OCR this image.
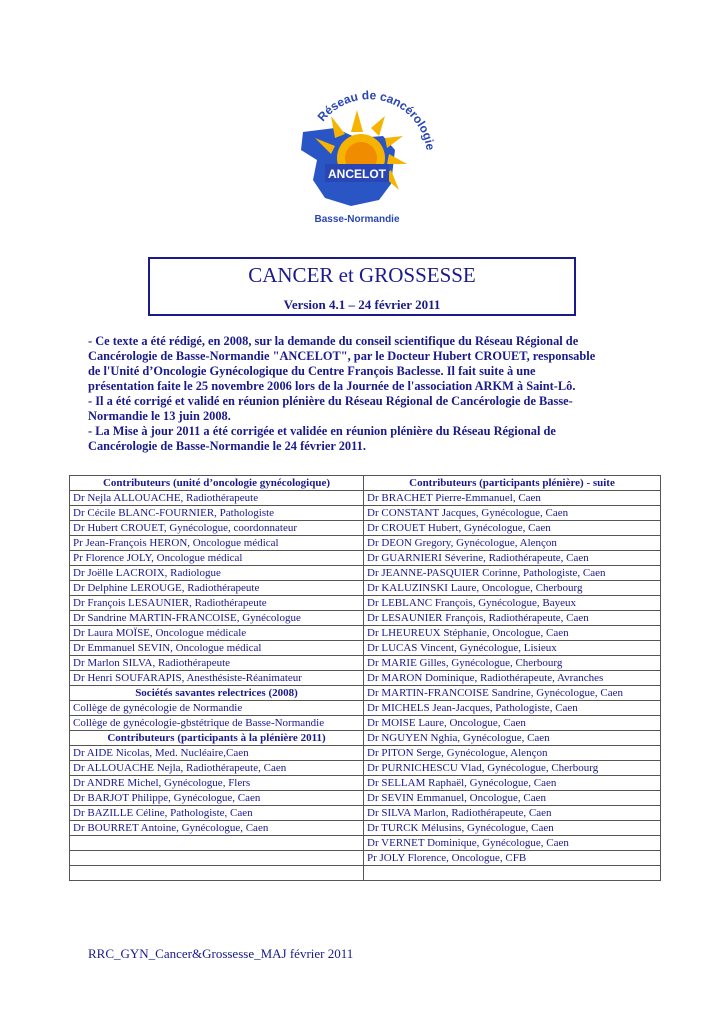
Réseau de cancérologie
ANCELOT
Basse-Normandie
CANCER et GROSSESSE
Version 4.1 – 24 février 2011

- Ce texte a été rédigé, en 2008, sur la demande du conseil scientifique du Réseau Régional de

Cancérologie de Basse-Normandie "ANCELOT", par le Docteur Hubert CROUET, responsable

de l'Unité d’Oncologie Gynécologique du Centre François Baclesse. Il fait suite à une

présentation faite le 25 novembre 2006 lors de la Journée de l'association ARKM à Saint-Lô.

- Il a été corrigé et validé en réunion plénière du Réseau Régional de Cancérologie de Basse-

Normandie le 13 juin 2008.

- La Mise à jour 2011 a été corrigée et validée en réunion plénière du Réseau Régional de

Cancérologie de Basse-Normandie le 24 février 2011.

Contributeurs (unité d’oncologie gynécologique)	Contributeurs (participants plénière) - suite
Dr Nejla ALLOUACHE, Radiothérapeute	Dr BRACHET Pierre-Emmanuel, Caen
Dr Cécile BLANC-FOURNIER, Pathologiste	Dr CONSTANT Jacques, Gynécologue, Caen
Dr Hubert CROUET, Gynécologue, coordonnateur	Dr CROUET Hubert, Gynécologue, Caen
Pr Jean-François HERON, Oncologue médical	Dr DEON Gregory, Gynécologue, Alençon
Pr Florence JOLY, Oncologue médical	Dr GUARNIERI Séverine, Radiothérapeute, Caen
Dr Joëlle LACROIX, Radiologue	Dr JEANNE-PASQUIER Corinne, Pathologiste, Caen
Dr Delphine LEROUGE, Radiothérapeute	Dr KALUZINSKI Laure, Oncologue, Cherbourg
Dr François LESAUNIER, Radiothérapeute	Dr LEBLANC François, Gynécologue, Bayeux
Dr Sandrine MARTIN-FRANCOISE, Gynécologue	Dr LESAUNIER François, Radiothérapeute, Caen
Dr Laura MOÏSE, Oncologue médicale	Dr LHEUREUX Stéphanie, Oncologue, Caen
Dr Emmanuel SEVIN, Oncologue médical	Dr LUCAS Vincent, Gynécologue, Lisieux
Dr Marlon SILVA, Radiothérapeute	Dr MARIE Gilles, Gynécologue, Cherbourg
Dr Henri SOUFARAPIS, Anesthésiste-Réanimateur	Dr MARON Dominique, Radiothérapeute, Avranches
Sociétés savantes relectrices (2008)	Dr MARTIN-FRANCOISE Sandrine, Gynécologue, Caen
Collège de gynécologie de Normandie	Dr MICHELS Jean-Jacques, Pathologiste, Caen
Collège de gynécologie-gbstétrique de Basse-Normandie	Dr MOISE Laure, Oncologue, Caen
Contributeurs (participants à la plénière 2011)	Dr NGUYEN Nghia, Gynécologue, Caen
Dr AIDE Nicolas, Med. Nucléaire,Caen	Dr PITON Serge, Gynécologue, Alençon
Dr ALLOUACHE Nejla, Radiothérapeute, Caen	Dr PURNICHESCU Vlad, Gynécologue, Cherbourg
Dr ANDRE Michel, Gynécologue, Flers	Dr SELLAM Raphaël, Gynécologue, Caen
Dr BARJOT Philippe, Gynécologue, Caen	Dr SEVIN Emmanuel, Oncologue, Caen
Dr BAZILLE Céline, Pathologiste, Caen	Dr SILVA Marlon, Radiothérapeute, Caen
Dr BOURRET Antoine, Gynécologue, Caen	Dr TURCK Mélusins, Gynécologue, Caen
	Dr VERNET Dominique, Gynécologue, Caen
	Pr JOLY Florence, Oncologue, CFB

RRC_GYN_Cancer&Grossesse_MAJ février 2011
